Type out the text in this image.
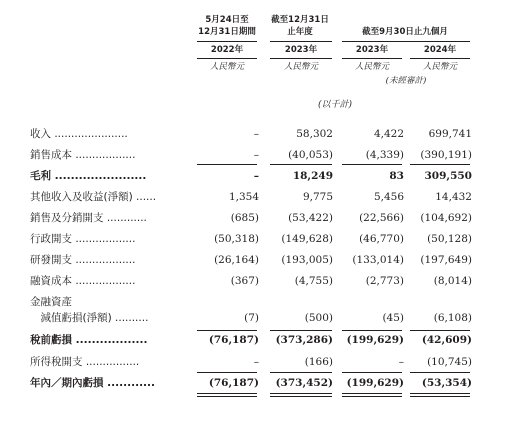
5月24日至
12月31日期間
截至12月31日
止年度	截至9月30日止九個月
2022年	2023年	2023年	2024年
人民幣元	人民幣元	人民幣元	人民幣元
(未經審計)
(以千計)
收入 ......................	–	58,302	4,422 699,741
銷售成本 ..................	–	(40,053)	(4,339) (390,191)
毛利 .......................	–	18,249	83 309,550
其他收入及收益(淨額) ......	1,354	9,775	5,456	14,432
銷售及分銷開支 ............	(685)	(53,422) (22,566) (104,692)
行政開支 ..................	(50,318) (149,628) (46,770) (50,128)
研發開支 ..................	(26,164) (193,005) (133,014) (197,649)
融資成本 ..................	(367)	(4,755)	(2,773)	(8,014)
金融資產
　減值虧損(淨額) ..........	(7)	(500)	(45)	(6,108)
稅前虧損 ..................	(76,187) (373,286) (199,629) (42,609)
所得稅開支 ................	–	(166)	– (10,745)
年內／期內虧損 ............	(76,187) (373,452) (199,629) (53,354)
